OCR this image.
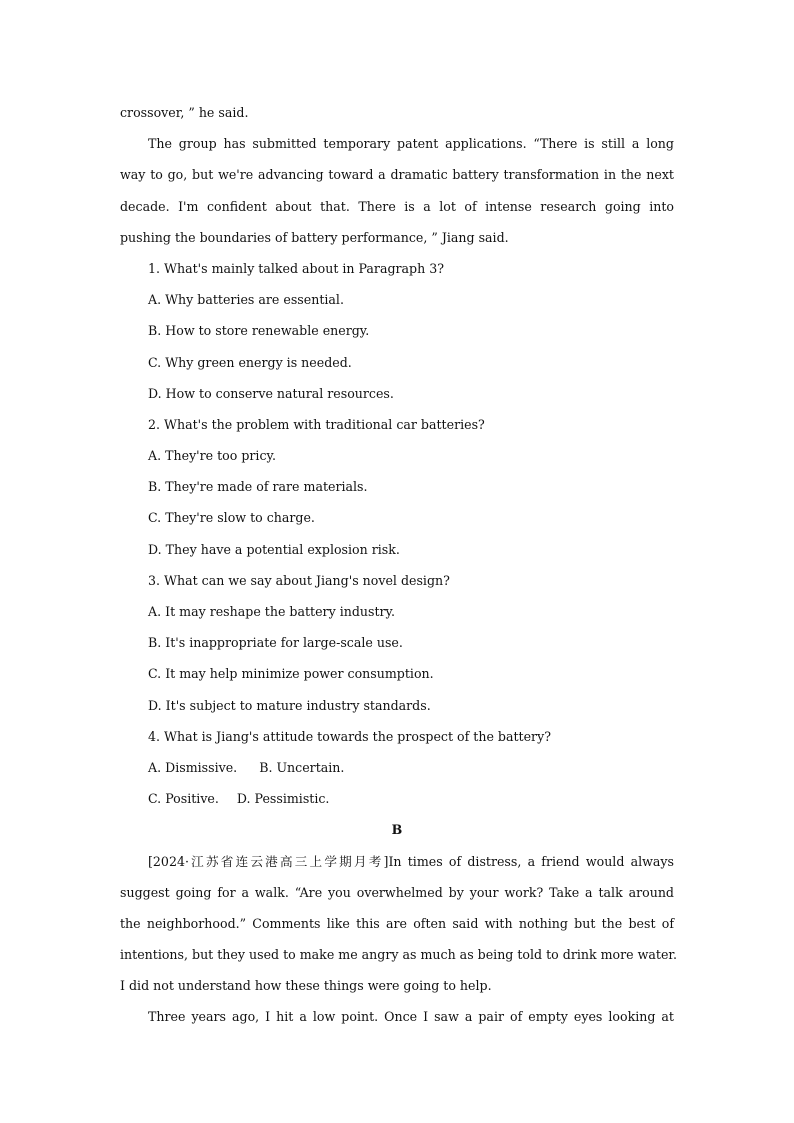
crossover, ” he said.
The group has submitted temporary patent applications. “There is still a long
way to go, but we're advancing toward a dramatic battery transformation in the next
decade. I'm confident about that. There is a lot of intense research going into
pushing the boundaries of battery performance, ” Jiang said.
1. What's mainly talked about in Paragraph 3?
A. Why batteries are essential.
B. How to store renewable energy.
C. Why green energy is needed.
D. How to conserve natural resources.
2. What's the problem with traditional car batteries?
A. They're too pricy.
B. They're made of rare materials.
C. They're slow to charge.
D. They have a potential explosion risk.
3. What can we say about Jiang's novel design?
A. It may reshape the battery industry.
B. It's inappropriate for large-scale use.
C. It may help minimize power consumption.
D. It's subject to mature industry standards.
4. What is Jiang's attitude towards the prospect of the battery?
A. Dismissive. B. Uncertain.
C. Positive. D. Pessimistic.
B
[2024·江苏省连云港高三上学期月考]In times of distress, a friend would always
suggest going for a walk. “Are you overwhelmed by your work? Take a talk around
the neighborhood.” Comments like this are often said with nothing but the best of
intentions, but they used to make me angry as much as being told to drink more water.
I did not understand how these things were going to help.
Three years ago, I hit a low point. Once I saw a pair of empty eyes looking at
